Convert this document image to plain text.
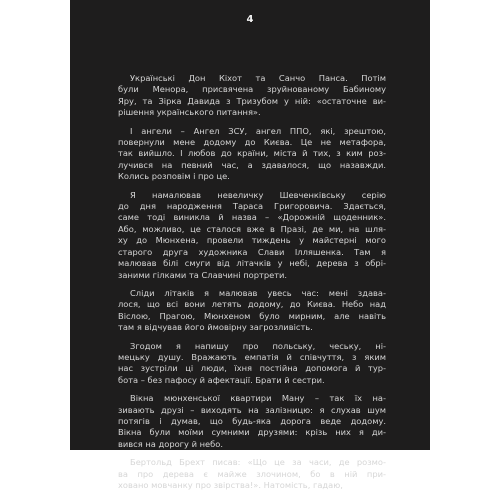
4

Українські Дон Кіхот та Санчо Панса. Потім
були Менора, присвячена зруйнованому Бабиному
Яру, та Зірка Давида з Тризубом у ній: «остаточне ви-
рішення українського питання».

І ангели – Ангел ЗСУ, ангел ППО, які, зрештою,
повернули мене додому до Києва. Це не метафора,
так вийшло. І любов до країни, міста й тих, з ким роз-
лучився на певний час, а здавалося, що назавжди.
Колись розповім і про це.

Я намалював невеличку Шевченківську серію
до дня народження Тараса Григоровича. Здається,
саме тоді виникла й назва – «Дорожній щоденник».
Або, можливо, це сталося вже в Празі, де ми, на шля-
ху до Мюнхена, провели тиждень у майстерні мого
старого друга художника Слави Ілляшенка. Там я
малював білі смуги від літачків у небі, дерева з обрі-
заними гілками та Славчині портрети.

Сліди літаків я малював увесь час: мені здава-
лося, що всі вони летять додому, до Києва. Небо над
Віслою, Прагою, Мюнхеном було мирним, але навіть
там я відчував його ймовірну загрозливість.

Згодом я напишу про польську, чеську, ні-
мецьку душу. Вражають емпатія й співчуття, з яким
нас зустріли ці люди, їхня постійна допомога й тур-
бота – без пафосу й афектації. Брати й сестри.

Вікна мюнхенської квартири Ману – так їх на-
зивають друзі – виходять на залізницю: я слухав шум
потягів і думав, що будь-яка дорога веде додому.
Вікна були моїми сумними друзями: крізь них я ди-
вився на дорогу й небо.

Бертольд Брехт писав: «Що це за часи, де розмо-
ва про дерева є майже злочином, бо в ній при-
ховано мовчанку про звірства!». Натомість, гадаю,
